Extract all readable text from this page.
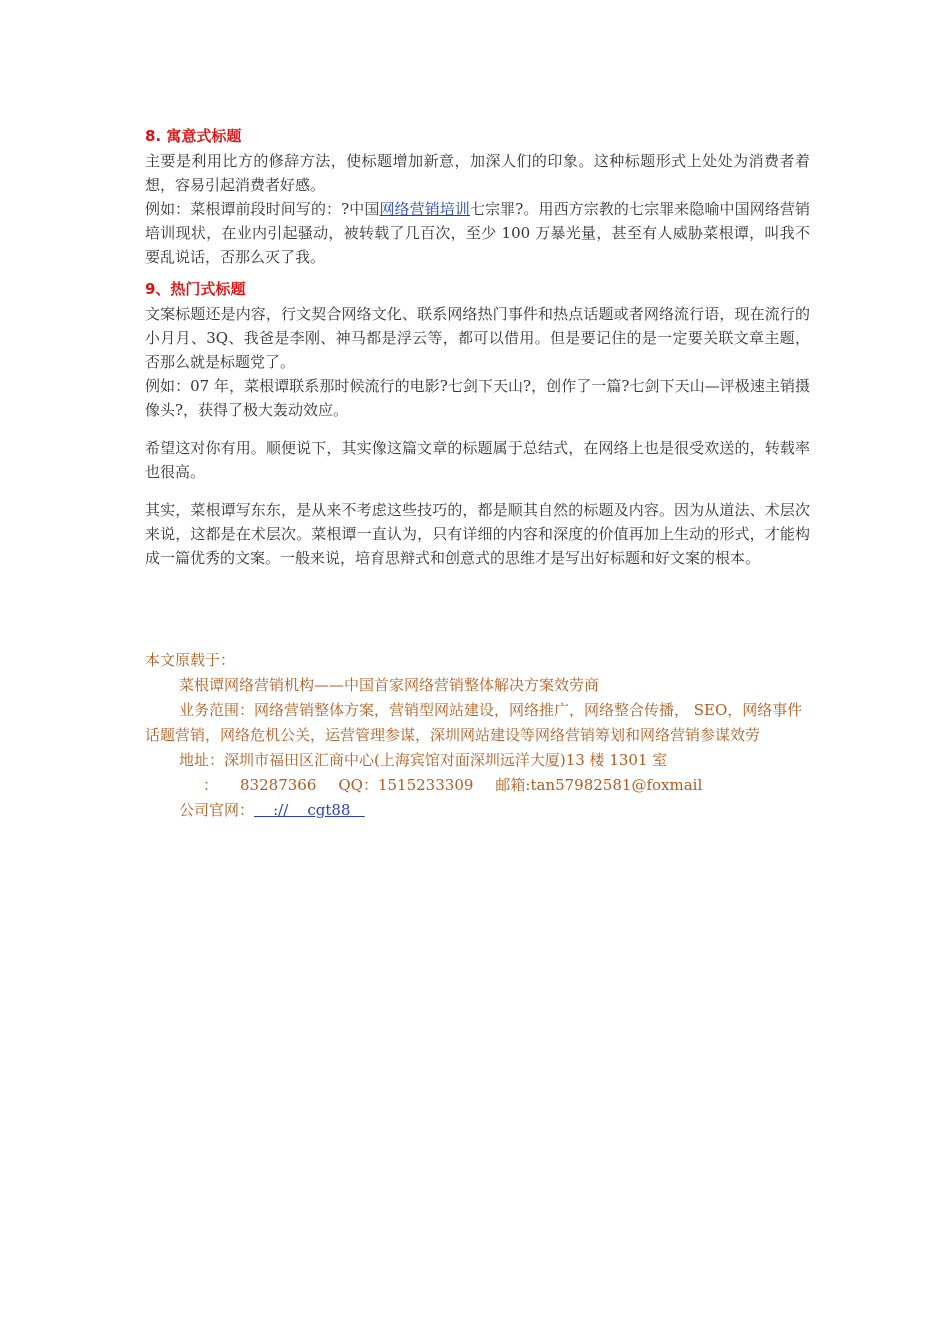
8. 寓意式标题

主要是利用比方的修辞方法，使标题增加新意，加深人们的印象。这种标题形式上处处为消费者着想，容易引起消费者好感。

例如：菜根谭前段时间写的：?中国网络营销培训七宗罪?。用西方宗教的七宗罪来隐喻中国网络营销培训现状，在业内引起骚动，被转载了几百次，至少 100 万暴光量，甚至有人威胁菜根谭，叫我不要乱说话，否那么灭了我。

9、热门式标题

文案标题还是内容，行文契合网络文化、联系网络热门事件和热点话题或者网络流行语，现在流行的小月月、3Q、我爸是李刚、神马都是浮云等，都可以借用。但是要记住的是一定要关联文章主题，否那么就是标题党了。

例如：07 年，菜根谭联系那时候流行的电影?七剑下天山?，创作了一篇?七剑下天山—评极速主销摄像头?，获得了极大轰动效应。

希望这对你有用。顺便说下，其实像这篇文章的标题属于总结式，在网络上也是很受欢送的，转载率也很高。

其实，菜根谭写东东，是从来不考虑这些技巧的，都是顺其自然的标题及内容。因为从道法、术层次来说，这都是在术层次。菜根谭一直认为，只有详细的内容和深度的价值再加上生动的形式，才能构成一篇优秀的文案。一般来说，培育思辩式和创意式的思维才是写出好标题和好文案的根本。

本文原载于：

菜根谭网络营销机构——中国首家网络营销整体解决方案效劳商

业务范围：网络营销整体方案，营销型网站建设，网络推广，网络整合传播， SEO，网络事件话题营销，网络危机公关，运营管理参谋，深圳网站建设等网络营销筹划和网络营销参谋效劳

地址：深圳市福田区汇商中心(上海宾馆对面深圳远洋大厦)13 楼 1301 室

： 83287366 QQ：1515233309 邮箱:tan57982581@foxmail

公司官网：    ://    cgt88
